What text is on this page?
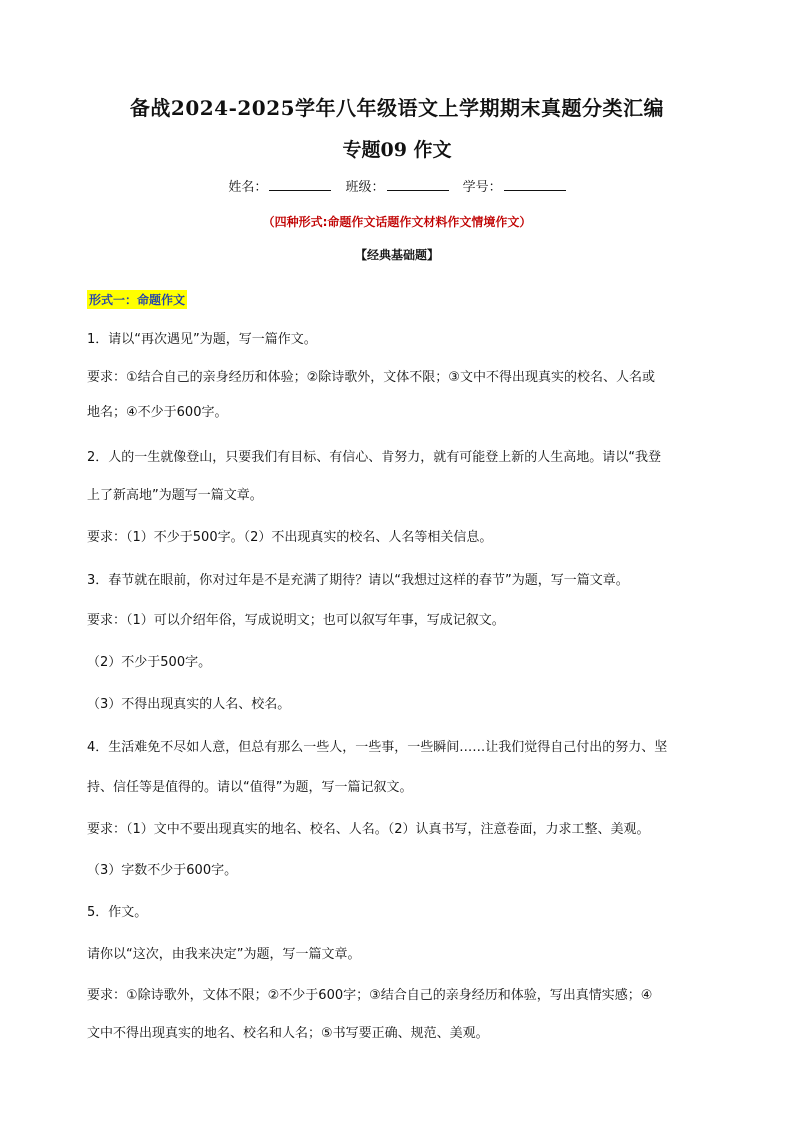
备战2024-2025学年八年级语文上学期期末真题分类汇编
专题09 作文
姓名：	班级：	学号：
（四种形式:命题作文话题作文材料作文情境作文）
【经典基础题】
形式一：命题作文
1．请以“再次遇见”为题，写一篇作文。
要求：①结合自己的亲身经历和体验；②除诗歌外，文体不限；③文中不得出现真实的校名、人名或
地名；④不少于600字。
2．人的一生就像登山，只要我们有目标、有信心、肯努力，就有可能登上新的人生高地。请以“我登
上了新高地”为题写一篇文章。
要求：（1）不少于500字。（2）不出现真实的校名、人名等相关信息。
3．春节就在眼前，你对过年是不是充满了期待？请以“我想过这样的春节”为题，写一篇文章。
要求：（1）可以介绍年俗，写成说明文；也可以叙写年事，写成记叙文。
（2）不少于500字。
（3）不得出现真实的人名、校名。
4．生活难免不尽如人意，但总有那么一些人，一些事，一些瞬间……让我们觉得自己付出的努力、坚
持、信任等是值得的。请以“值得”为题，写一篇记叙文。
要求：（1）文中不要出现真实的地名、校名、人名。（2）认真书写，注意卷面，力求工整、美观。
（3）字数不少于600字。
5．作文。
请你以“这次，由我来决定”为题，写一篇文章。
要求：①除诗歌外，文体不限；②不少于600字；③结合自己的亲身经历和体验，写出真情实感；④
文中不得出现真实的地名、校名和人名；⑤书写要正确、规范、美观。
